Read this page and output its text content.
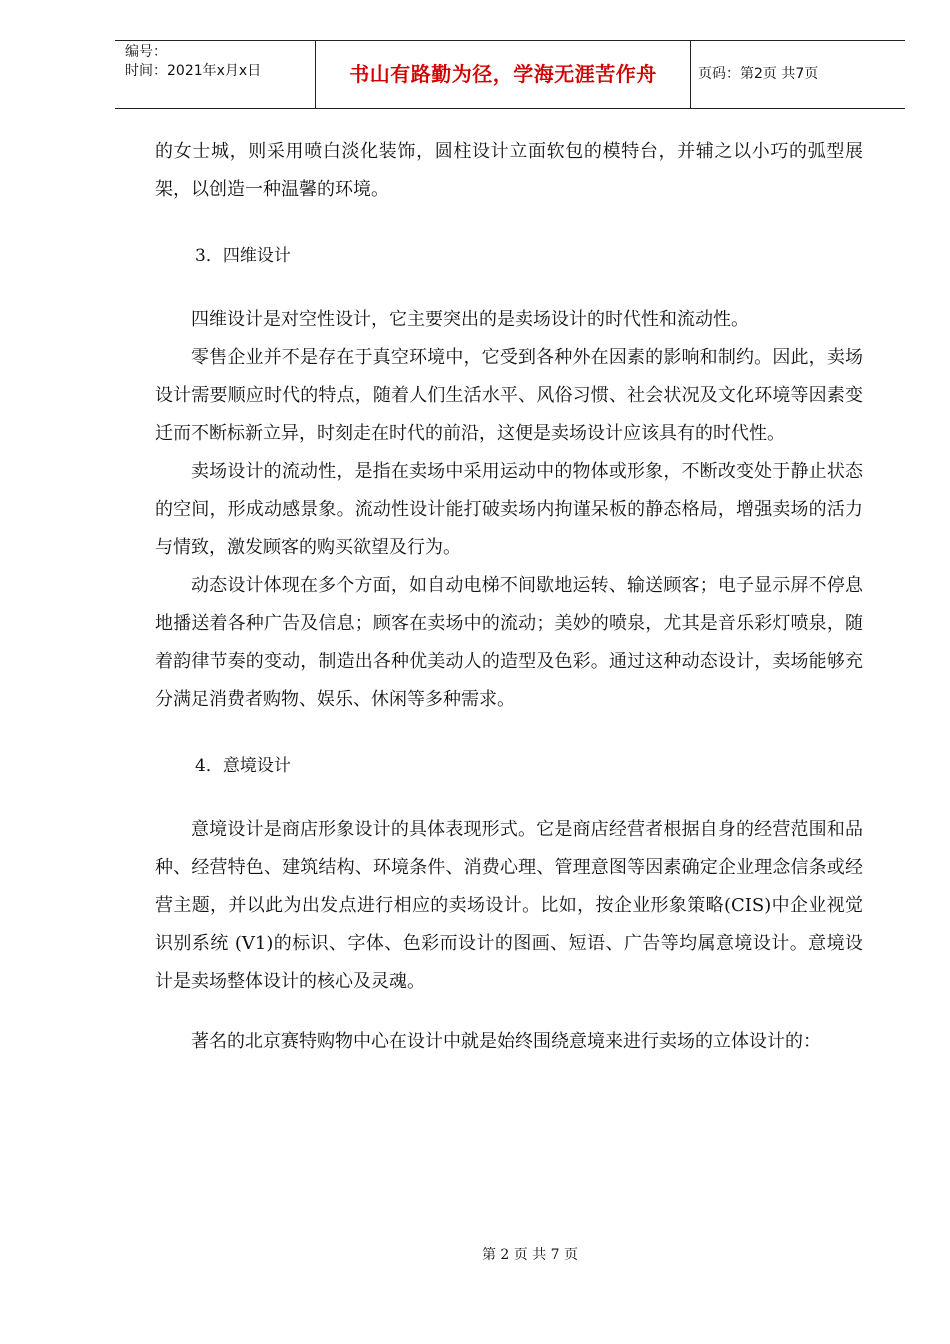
编号：
时间：2021年x月x日	书山有路勤为径，学海无涯苦作舟	页码：第2页 共7页

的女士城，则采用喷白淡化装饰，圆柱设计立面软包的模特台，并辅之以小巧的弧型展架，以创造一种温馨的环境。

3．四维设计

四维设计是对空性设计，它主要突出的是卖场设计的时代性和流动性。

零售企业并不是存在于真空环境中，它受到各种外在因素的影响和制约。因此，卖场设计需要顺应时代的特点，随着人们生活水平、风俗习惯、社会状况及文化环境等因素变迁而不断标新立异，时刻走在时代的前沿，这便是卖场设计应该具有的时代性。

卖场设计的流动性，是指在卖场中采用运动中的物体或形象，不断改变处于静止状态的空间，形成动感景象。流动性设计能打破卖场内拘谨呆板的静态格局，增强卖场的活力与情致，激发顾客的购买欲望及行为。

动态设计体现在多个方面，如自动电梯不间歇地运转、输送顾客；电子显示屏不停息地播送着各种广告及信息；顾客在卖场中的流动；美妙的喷泉，尤其是音乐彩灯喷泉，随着韵律节奏的变动，制造出各种优美动人的造型及色彩。通过这种动态设计，卖场能够充分满足消费者购物、娱乐、休闲等多种需求。

4．意境设计

意境设计是商店形象设计的具体表现形式。它是商店经营者根据自身的经营范围和品种、经营特色、建筑结构、环境条件、消费心理、管理意图等因素确定企业理念信条或经营主题，并以此为出发点进行相应的卖场设计。比如，按企业形象策略(CIS)中企业视觉识别系统 (V1)的标识、字体、色彩而设计的图画、短语、广告等均属意境设计。意境设计是卖场整体设计的核心及灵魂。

著名的北京赛特购物中心在设计中就是始终围绕意境来进行卖场的立体设计的：

第 2 页 共 7 页
